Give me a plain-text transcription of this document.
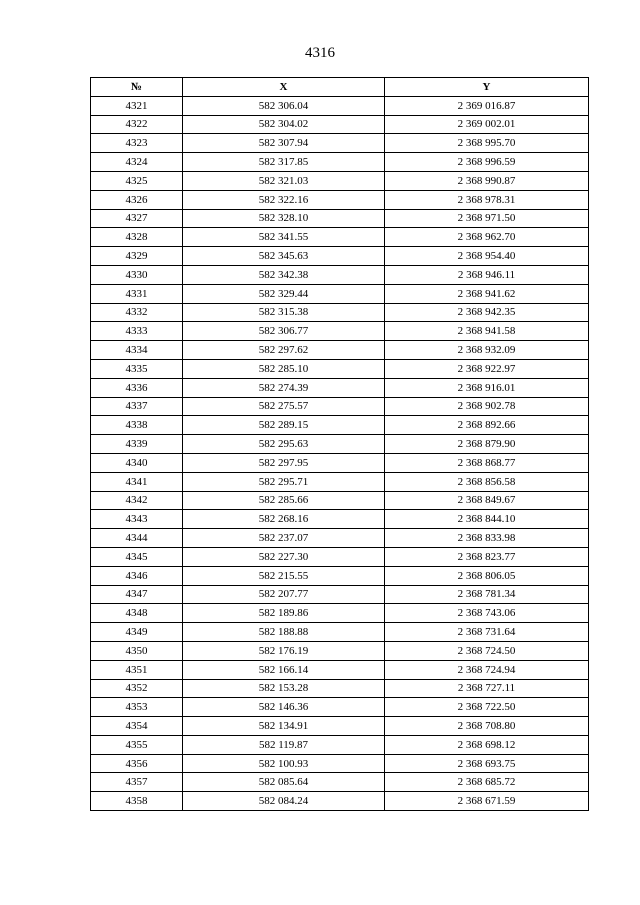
4316
№	X	Y
4321	582 306.04	2 369 016.87
4322	582 304.02	2 369 002.01
4323	582 307.94	2 368 995.70
4324	582 317.85	2 368 996.59
4325	582 321.03	2 368 990.87
4326	582 322.16	2 368 978.31
4327	582 328.10	2 368 971.50
4328	582 341.55	2 368 962.70
4329	582 345.63	2 368 954.40
4330	582 342.38	2 368 946.11
4331	582 329.44	2 368 941.62
4332	582 315.38	2 368 942.35
4333	582 306.77	2 368 941.58
4334	582 297.62	2 368 932.09
4335	582 285.10	2 368 922.97
4336	582 274.39	2 368 916.01
4337	582 275.57	2 368 902.78
4338	582 289.15	2 368 892.66
4339	582 295.63	2 368 879.90
4340	582 297.95	2 368 868.77
4341	582 295.71	2 368 856.58
4342	582 285.66	2 368 849.67
4343	582 268.16	2 368 844.10
4344	582 237.07	2 368 833.98
4345	582 227.30	2 368 823.77
4346	582 215.55	2 368 806.05
4347	582 207.77	2 368 781.34
4348	582 189.86	2 368 743.06
4349	582 188.88	2 368 731.64
4350	582 176.19	2 368 724.50
4351	582 166.14	2 368 724.94
4352	582 153.28	2 368 727.11
4353	582 146.36	2 368 722.50
4354	582 134.91	2 368 708.80
4355	582 119.87	2 368 698.12
4356	582 100.93	2 368 693.75
4357	582 085.64	2 368 685.72
4358	582 084.24	2 368 671.59
